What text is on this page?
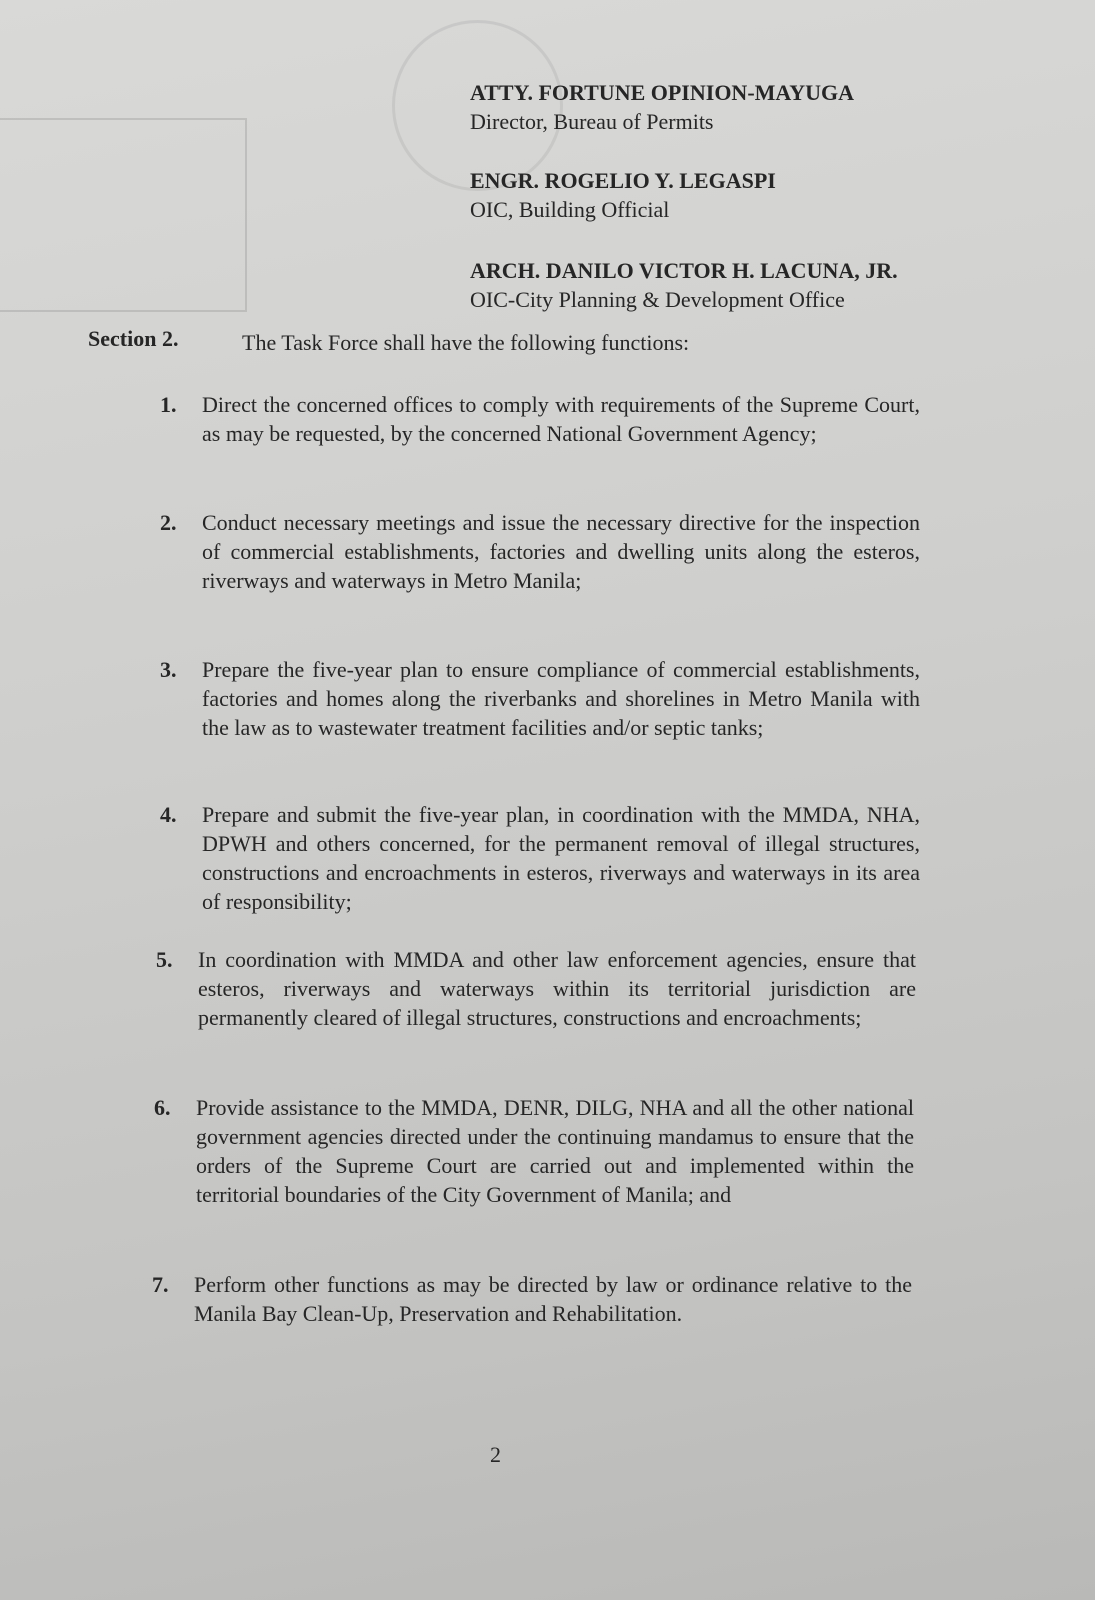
ATTY. FORTUNE OPINION-MAYUGA
Director, Bureau of Permits
ENGR. ROGELIO Y. LEGASPI
OIC, Building Official
ARCH. DANILO VICTOR H. LACUNA, JR.
OIC-City Planning & Development Office
Section 2.	The Task Force shall have the following functions:
1. Direct the concerned offices to comply with requirements of the Supreme Court, as may be requested, by the concerned National Government Agency;
2. Conduct necessary meetings and issue the necessary directive for the inspection of commercial establishments, factories and dwelling units along the esteros, riverways and waterways in Metro Manila;
3. Prepare the five-year plan to ensure compliance of commercial establishments, factories and homes along the riverbanks and shorelines in Metro Manila with the law as to wastewater treatment facilities and/or septic tanks;
4. Prepare and submit the five-year plan, in coordination with the MMDA, NHA, DPWH and others concerned, for the permanent removal of illegal structures, constructions and encroachments in esteros, riverways and waterways in its area of responsibility;
5. In coordination with MMDA and other law enforcement agencies, ensure that esteros, riverways and waterways within its territorial jurisdiction are permanently cleared of illegal structures, constructions and encroachments;
6. Provide assistance to the MMDA, DENR, DILG, NHA and all the other national government agencies directed under the continuing mandamus to ensure that the orders of the Supreme Court are carried out and implemented within the territorial boundaries of the City Government of Manila; and
7. Perform other functions as may be directed by law or ordinance relative to the Manila Bay Clean-Up, Preservation and Rehabilitation.
2
